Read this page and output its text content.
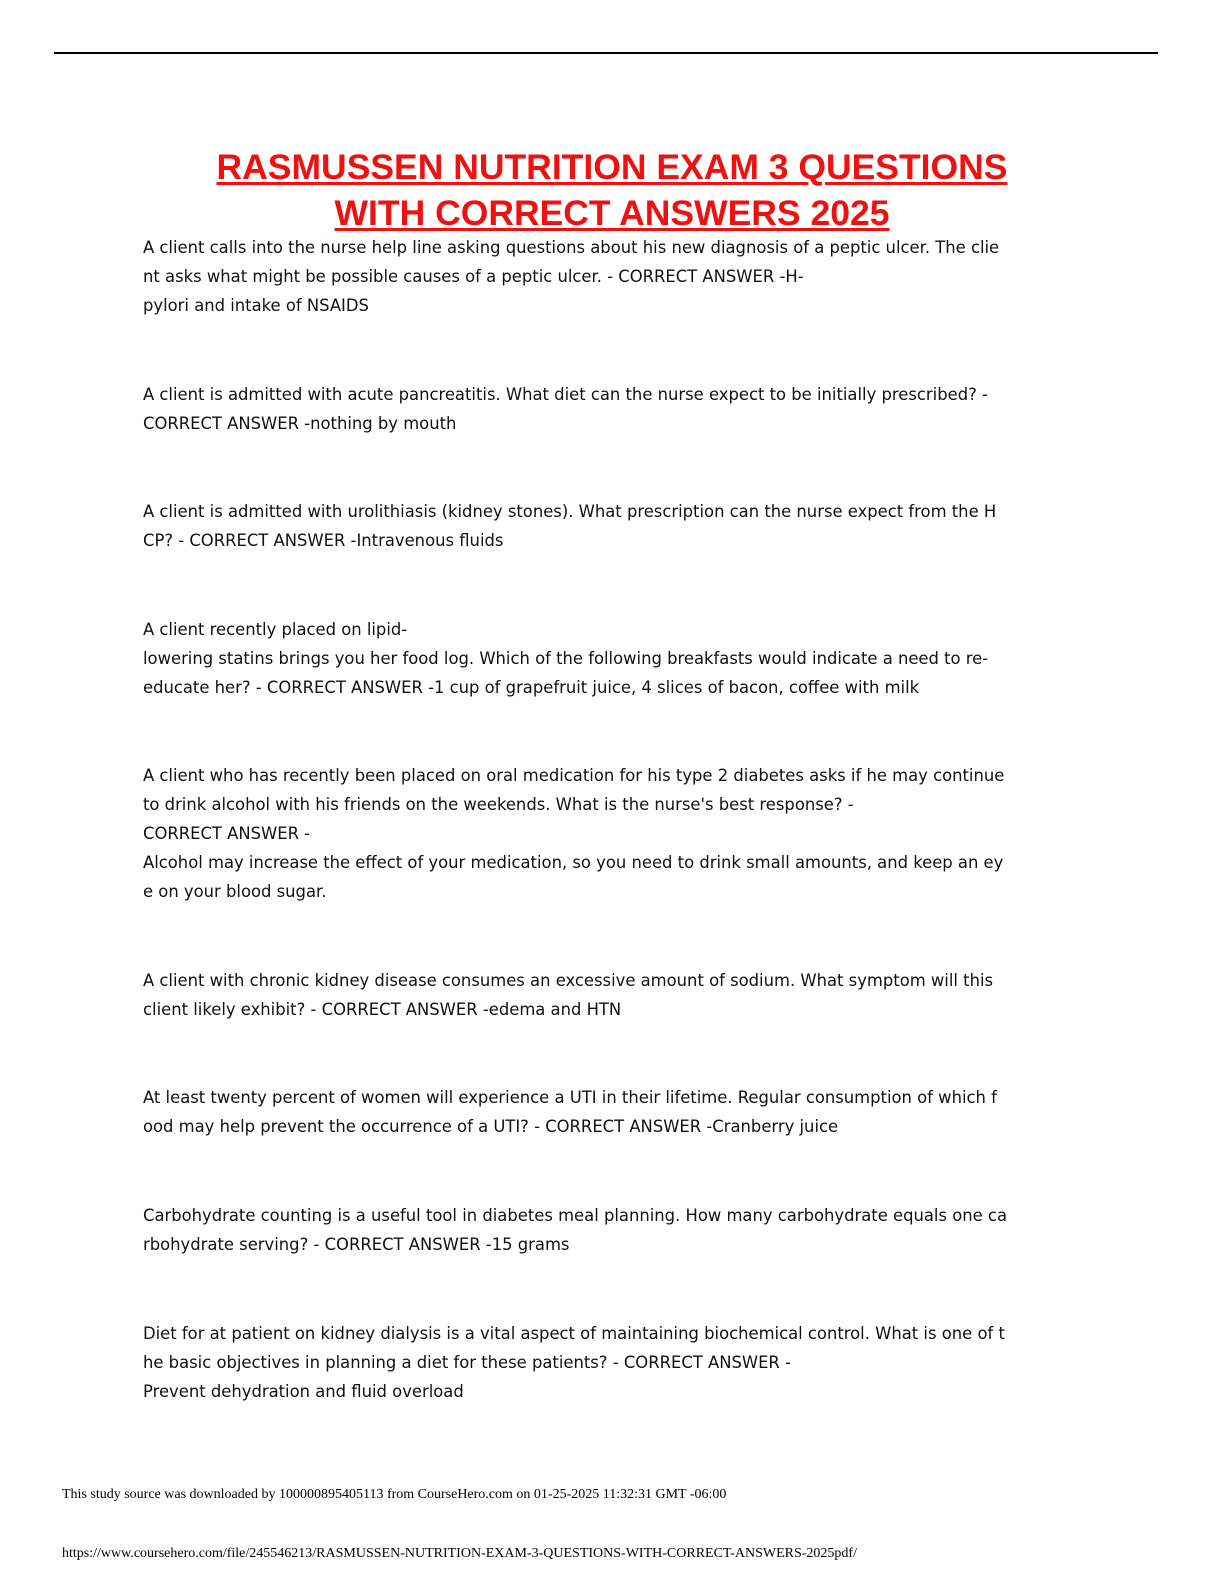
RASMUSSEN NUTRITION EXAM 3 QUESTIONS
WITH CORRECT ANSWERS 2025
A client calls into the nurse help line asking questions about his new diagnosis of a peptic ulcer. The clie
nt asks what might be possible causes of a peptic ulcer. - CORRECT ANSWER -H-
pylori and intake of NSAIDS
A client is admitted with acute pancreatitis. What diet can the nurse expect to be initially prescribed? -
CORRECT ANSWER -nothing by mouth
A client is admitted with urolithiasis (kidney stones). What prescription can the nurse expect from the H
CP? - CORRECT ANSWER -Intravenous fluids
A client recently placed on lipid-
lowering statins brings you her food log. Which of the following breakfasts would indicate a need to re-
educate her? - CORRECT ANSWER -1 cup of grapefruit juice, 4 slices of bacon, coffee with milk
A client who has recently been placed on oral medication for his type 2 diabetes asks if he may continue
to drink alcohol with his friends on the weekends. What is the nurse's best response? -
CORRECT ANSWER -
Alcohol may increase the effect of your medication, so you need to drink small amounts, and keep an ey
e on your blood sugar.
A client with chronic kidney disease consumes an excessive amount of sodium. What symptom will this
client likely exhibit? - CORRECT ANSWER -edema and HTN
At least twenty percent of women will experience a UTI in their lifetime. Regular consumption of which f
ood may help prevent the occurrence of a UTI? - CORRECT ANSWER -Cranberry juice
Carbohydrate counting is a useful tool in diabetes meal planning. How many carbohydrate equals one ca
rbohydrate serving? - CORRECT ANSWER -15 grams
Diet for at patient on kidney dialysis is a vital aspect of maintaining biochemical control. What is one of t
he basic objectives in planning a diet for these patients? - CORRECT ANSWER -
Prevent dehydration and fluid overload
This study source was downloaded by 100000895405113 from CourseHero.com on 01-25-2025 11:32:31 GMT -06:00
https://www.coursehero.com/file/245546213/RASMUSSEN-NUTRITION-EXAM-3-QUESTIONS-WITH-CORRECT-ANSWERS-2025pdf/
